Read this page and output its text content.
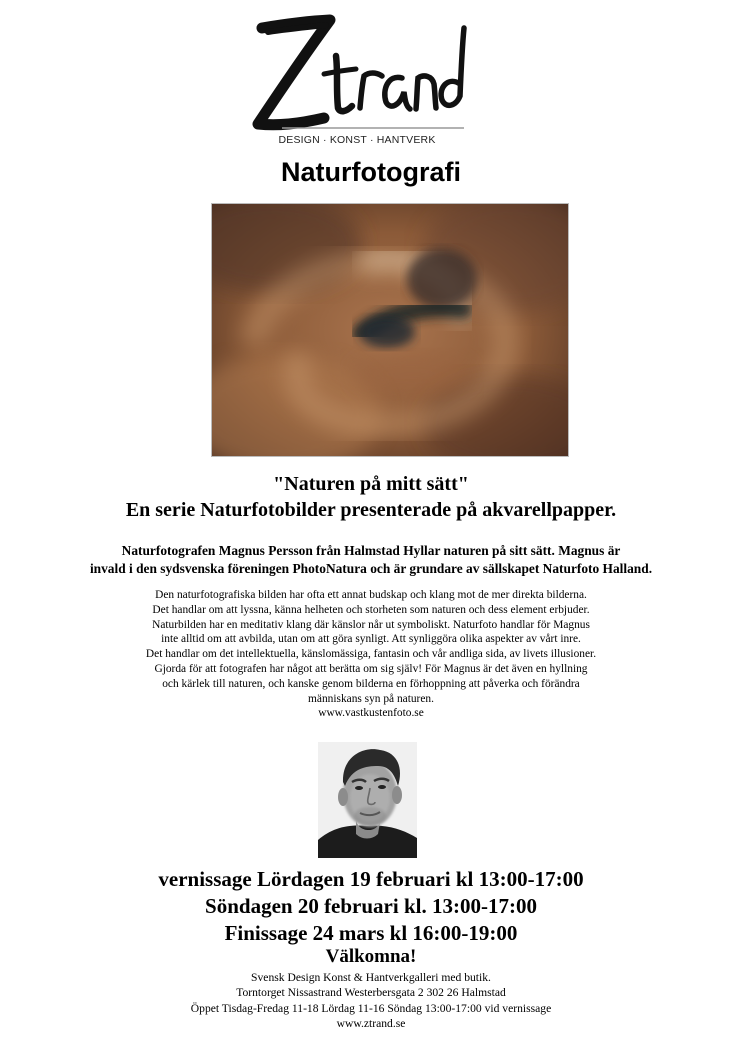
DESIGN · KONST · HANTVERK
Naturfotografi
"Naturen på mitt sätt"
En serie Naturfotobilder presenterade på akvarellpapper.
Naturfotografen Magnus Persson från Halmstad Hyllar naturen på sitt sätt. Magnus är
invald i den sydsvenska föreningen PhotoNatura och är grundare av sällskapet Naturfoto Halland.
Den naturfotografiska bilden har ofta ett annat budskap och klang mot de mer direkta bilderna.
Det handlar om att lyssna, känna helheten och storheten som naturen och dess element erbjuder.
Naturbilden har en meditativ klang där känslor når ut symboliskt. Naturfoto handlar för Magnus
inte alltid om att avbilda, utan om att göra synligt. Att synliggöra olika aspekter av vårt inre.
Det handlar om det intellektuella, känslomässiga, fantasin och vår andliga sida, av livets illusioner.
Gjorda för att fotografen har något att berätta om sig själv! För Magnus är det även en hyllning
och kärlek till naturen, och kanske genom bilderna en förhoppning att påverka och förändra
människans syn på naturen.
www.vastkustenfoto.se
vernissage Lördagen 19 februari kl 13:00-17:00
Söndagen 20 februari kl. 13:00-17:00
Finissage 24 mars kl 16:00-19:00
Välkomna!
Svensk Design Konst & Hantverkgalleri med butik.
Torntorget Nissastrand Westerbersgata 2 302 26 Halmstad
Öppet Tisdag-Fredag 11-18 Lördag 11-16 Söndag 13:00-17:00 vid vernissage
www.ztrand.se
